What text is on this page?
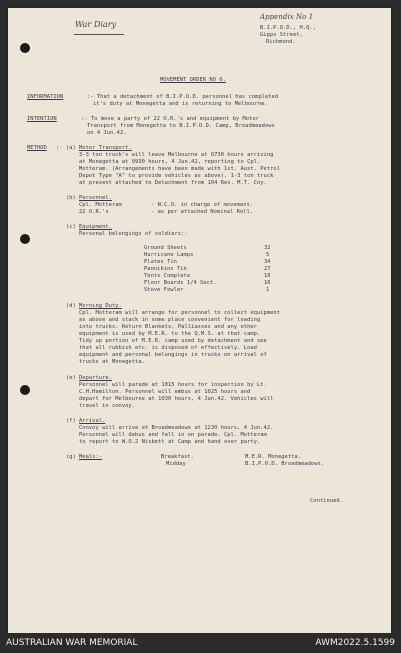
War Diary
Appendix No 1
B.I.P.O.D., H.Q.,
Gipps Street,
Richmond.
MOVEMENT ORDER NO 6.
INFORMATION	:- That a detachment of B.I.P.O.D. personnel has completed
it's duty at Monegetta and is returning to Melbourne.
INTENTION	:- To move a party of 22 O.R.'s and equipment by Motor
Transport from Monegetta to B.I.P.O.D. Camp, Broadmeadows
on 4 Jun.42.
METHOD :- (a) Motor Transport.
3-3 ton truck's will leave Melbourne at 0730 hours arriving
at Monegetta at 0930 hours, 4 Jun.42, reporting to Cpl.
Motteram. (Arrangements have been made with 1st. Aust. Petrol
Depot Type "A" to provide vehicles as above). 1-3 ton truck
at present attached to Detachment from 104 Res. M.T. Coy.
(b) Personnel.
Cpl. Motteram	- N.C.O. in charge of movement.
22 O.R.'s	- as per attached Nominal Roll.
(c) Equipment.
Personal belongings of soldiers:-
Ground Sheets	32
Hurricane Lamps	5
Plates Tin	34
Pannikins Tin	27
Tents Complete	10
Floor Boards 1/4 Sect.	16
Stove Fowler	1
(d) Morning Duty.
Cpl. Motteram will arrange for personnel to collect equipment
as above and stack in some place convenient for loading
into trucks. Return Blankets, Palliasses and any other
equipment is used by M.E.R. to the Q.M.S. at that camp.
Tidy up portion of M.E.R. camp used by detachment and see
that all rubbish etc. is disposed of effectively. Load
equipment and personal belongings in trucks on arrival of
trucks at Monegetta.
(e) Departure.
Personnel will parade at 1015 hours for inspection by Lt.
C.H.Hamilton. Personnel will embus at 1025 hours and
depart for Melbourne at 1030 hours, 4 Jun.42. Vehicles will
travel in convoy.
(f) Arrival.
Convoy will arrive at Broadmeadows at 1230 hours, 4 Jun.42.
Personnel will debus and fall in on parade. Cpl. Motteram
to report to W.O.2 Nisbett at Camp and hand over party.
(g) Meals:-	Breakfast.	M.E.R. Monegetta.
Midday	B.I.P.O.D. Broadmeadows.
Continued.
AUSTRALIAN WAR MEMORIAL	AWM2022.5.1599
